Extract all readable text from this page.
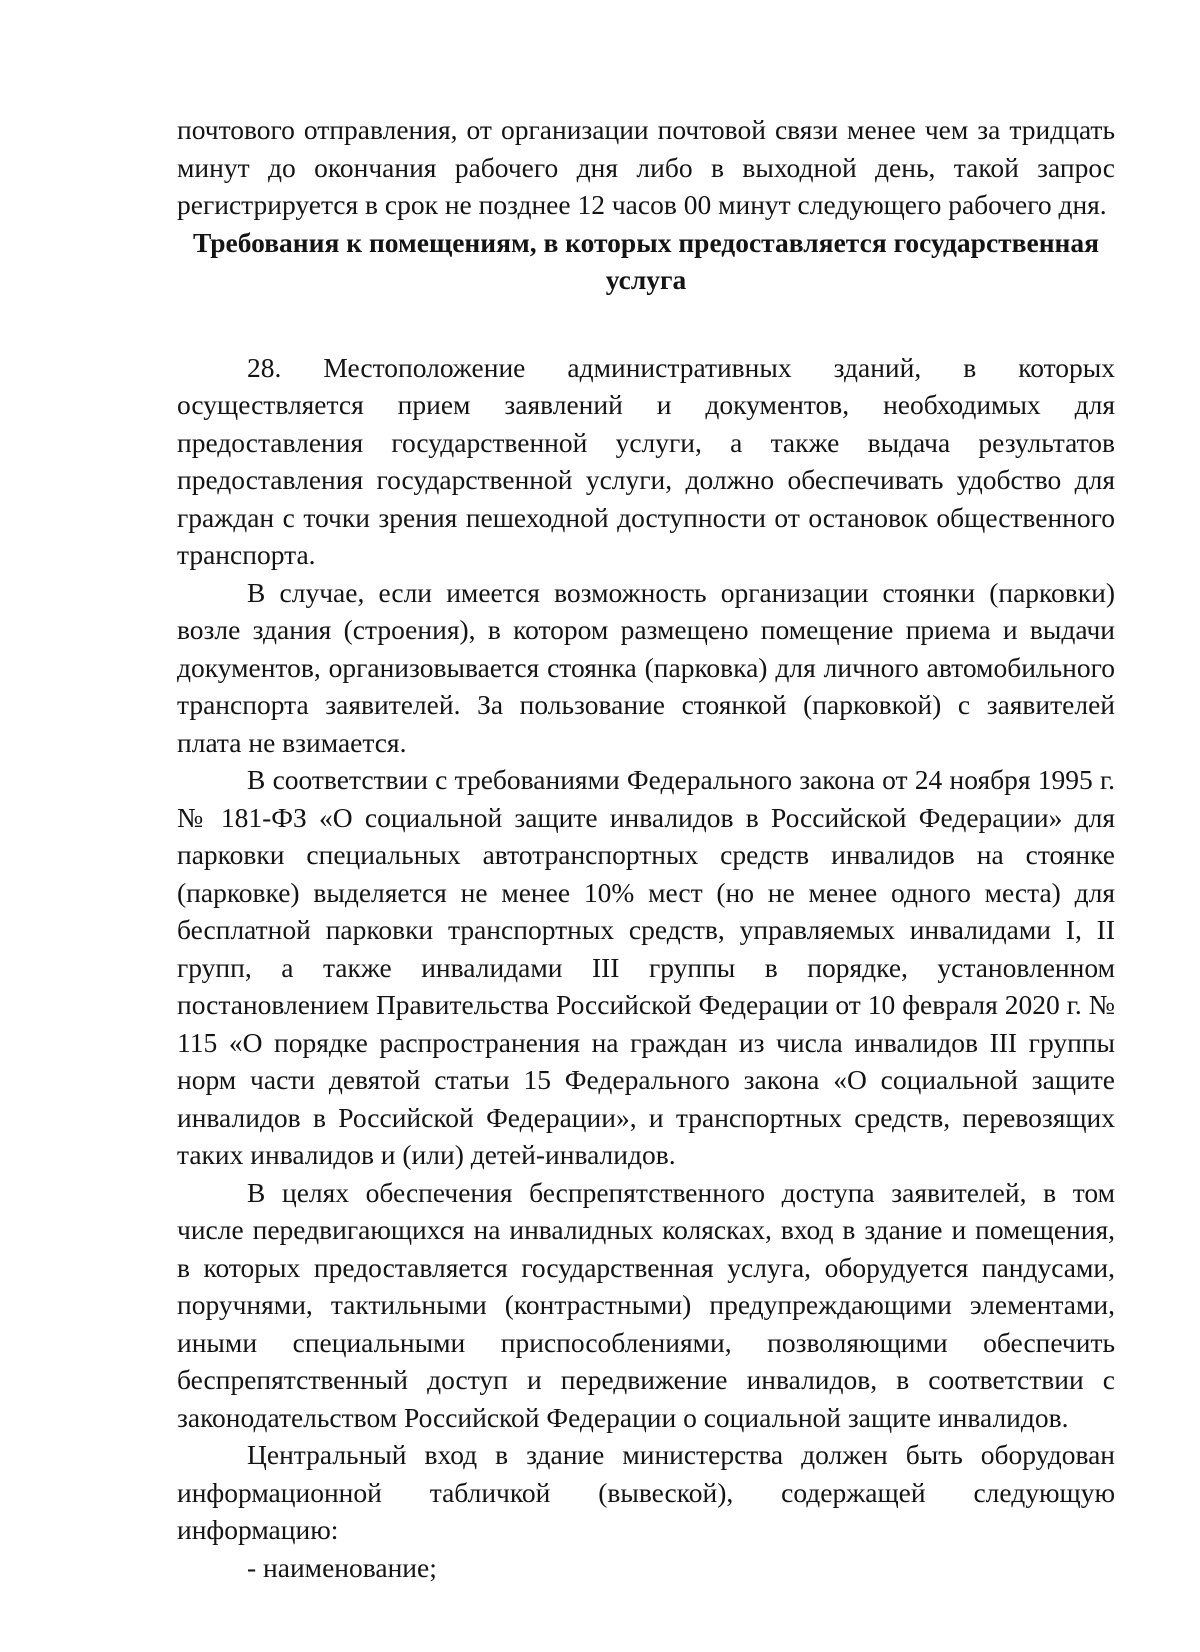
почтового отправления, от организации почтовой связи менее чем за тридцать минут до окончания рабочего дня либо в выходной день, такой запрос регистрируется в срок не позднее 12 часов 00 минут следующего рабочего дня.

Требования к помещениям, в которых предоставляется государственная услуга

28. Местоположение административных зданий, в которых осуществляется прием заявлений и документов, необходимых для предоставления государственной услуги, а также выдача результатов предоставления государственной услуги, должно обеспечивать удобство для граждан с точки зрения пешеходной доступности от остановок общественного транспорта.

В случае, если имеется возможность организации стоянки (парковки) возле здания (строения), в котором размещено помещение приема и выдачи документов, организовывается стоянка (парковка) для личного автомобильного транспорта заявителей. За пользование стоянкой (парковкой) с заявителей плата не взимается.

В соответствии с требованиями Федерального закона от 24 ноября 1995 г. № 181-ФЗ «О социальной защите инвалидов в Российской Федерации» для парковки специальных автотранспортных средств инвалидов на стоянке (парковке) выделяется не менее 10% мест (но не менее одного места) для бесплатной парковки транспортных средств, управляемых инвалидами I, II групп, а также инвалидами III группы в порядке, установленном постановлением Правительства Российской Федерации от 10 февраля 2020 г. № 115 «О порядке распространения на граждан из числа инвалидов III группы норм части девятой статьи 15 Федерального закона «О социальной защите инвалидов в Российской Федерации», и транспортных средств, перевозящих таких инвалидов и (или) детей-инвалидов.

В целях обеспечения беспрепятственного доступа заявителей, в том числе передвигающихся на инвалидных колясках, вход в здание и помещения, в которых предоставляется государственная услуга, оборудуется пандусами, поручнями, тактильными (контрастными) предупреждающими элементами, иными специальными приспособлениями, позволяющими обеспечить беспрепятственный доступ и передвижение инвалидов, в соответствии с законодательством Российской Федерации о социальной защите инвалидов.

Центральный вход в здание министерства должен быть оборудован информационной табличкой (вывеской), содержащей следующую информацию:

- наименование;
